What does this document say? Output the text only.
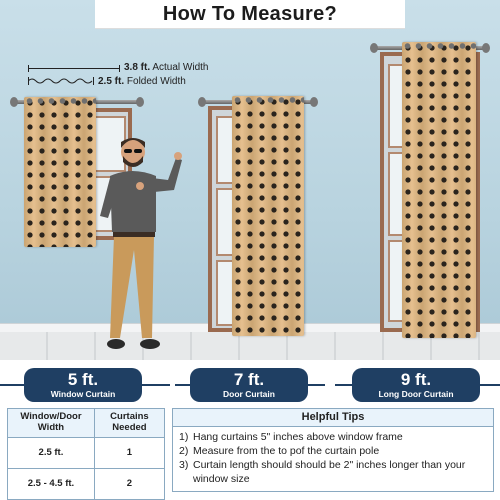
3.8 ft. Actual Width
2.5 ft. Folded Width
How To Measure?
5 ft.
Window Curtain
7 ft.
Door Curtain
9 ft.
Long Door Curtain
Window/Door Width	Curtains Needed
2.5 ft.	1
2.5 - 4.5 ft.	2
Helpful Tips
1) Hang curtains 5" inches above window frame
2) Measure from the to pof the curtain pole
3) Curtain length should should be 2" inches longer than your window size
